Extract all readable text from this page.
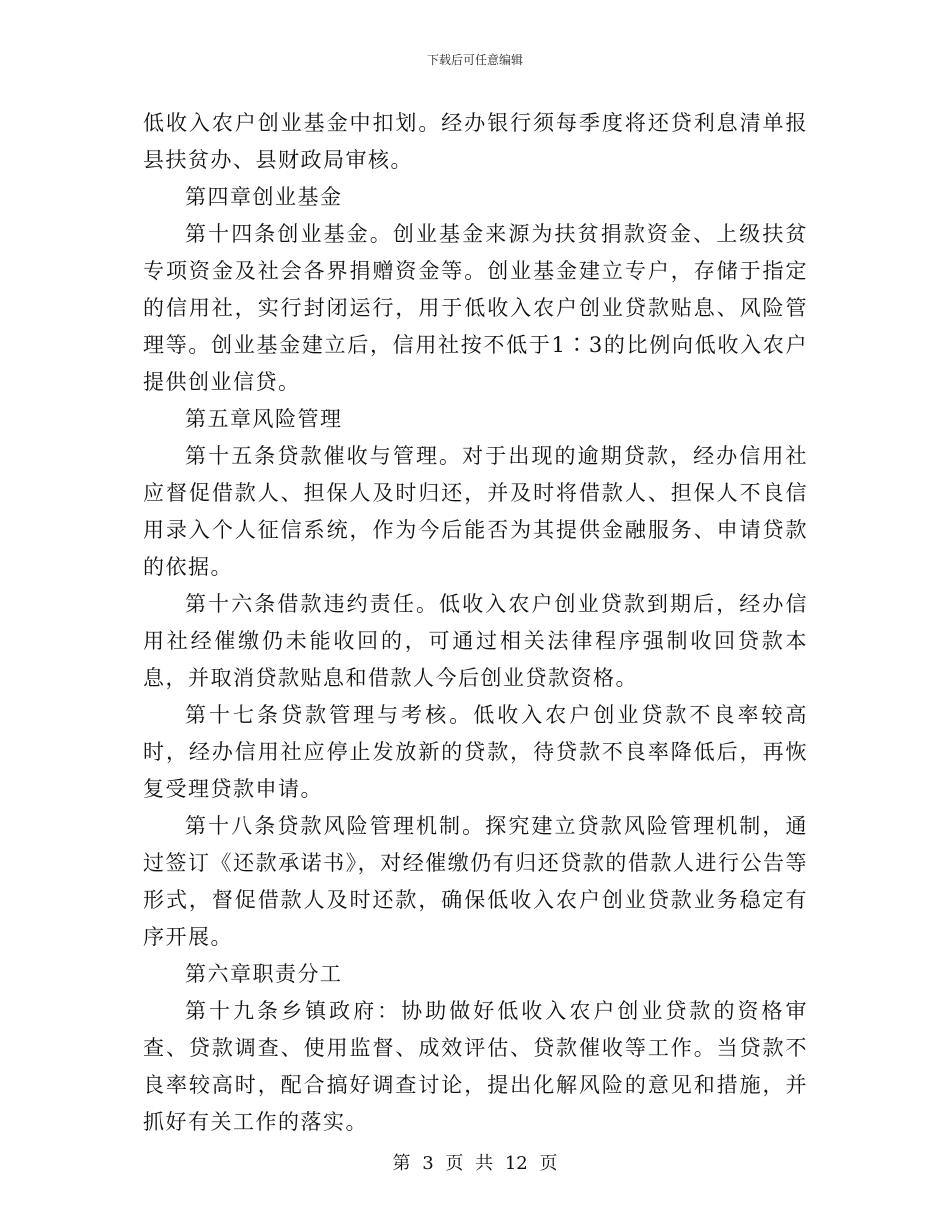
下载后可任意编辑

低收入农户创业基金中扣划。经办银行须每季度将还贷利息清单报县扶贫办、县财政局审核。

第四章创业基金

第十四条创业基金。创业基金来源为扶贫捐款资金、上级扶贫专项资金及社会各界捐赠资金等。创业基金建立专户，存储于指定的信用社，实行封闭运行，用于低收入农户创业贷款贴息、风险管理等。创业基金建立后，信用社按不低于1∶3的比例向低收入农户提供创业信贷。

第五章风险管理

第十五条贷款催收与管理。对于出现的逾期贷款，经办信用社应督促借款人、担保人及时归还，并及时将借款人、担保人不良信用录入个人征信系统，作为今后能否为其提供金融服务、申请贷款的依据。

第十六条借款违约责任。低收入农户创业贷款到期后，经办信用社经催缴仍未能收回的，可通过相关法律程序强制收回贷款本息，并取消贷款贴息和借款人今后创业贷款资格。

第十七条贷款管理与考核。低收入农户创业贷款不良率较高时，经办信用社应停止发放新的贷款，待贷款不良率降低后，再恢复受理贷款申请。

第十八条贷款风险管理机制。探究建立贷款风险管理机制，通过签订《还款承诺书》，对经催缴仍有归还贷款的借款人进行公告等形式，督促借款人及时还款，确保低收入农户创业贷款业务稳定有序开展。

第六章职责分工

第十九条乡镇政府：协助做好低收入农户创业贷款的资格审查、贷款调查、使用监督、成效评估、贷款催收等工作。当贷款不良率较高时，配合搞好调查讨论，提出化解风险的意见和措施，并抓好有关工作的落实。

第 3 页 共 12 页
